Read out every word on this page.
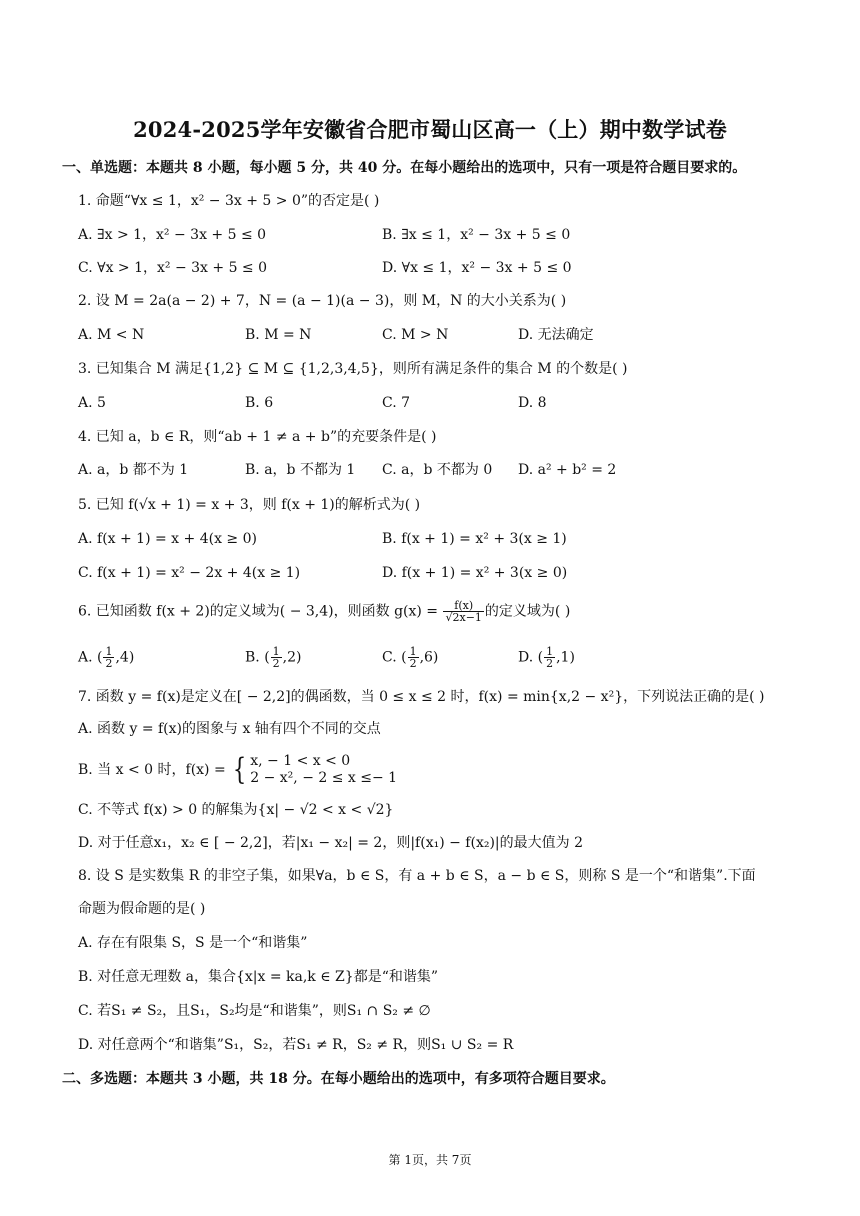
2024-2025学年安徽省合肥市蜀山区高一（上）期中数学试卷
一、单选题：本题共 8 小题，每小题 5 分，共 40 分。在每小题给出的选项中，只有一项是符合题目要求的。
1. 命题“∀x ≤ 1，x² − 3x + 5 > 0”的否定是( )
A. ∃x > 1，x² − 3x + 5 ≤ 0	B. ∃x ≤ 1，x² − 3x + 5 ≤ 0
C. ∀x > 1，x² − 3x + 5 ≤ 0	D. ∀x ≤ 1，x² − 3x + 5 ≤ 0
2. 设 M = 2a(a − 2) + 7，N = (a − 1)(a − 3)，则 M，N 的大小关系为( )
A. M < N	B. M = N	C. M > N	D. 无法确定
3. 已知集合 M 满足{1,2} ⊆ M ⊆ {1,2,3,4,5}，则所有满足条件的集合 M 的个数是( )
A. 5	B. 6	C. 7	D. 8
4. 已知 a，b ∈ R，则“ab + 1 ≠ a + b”的充要条件是( )
A. a，b 都不为 1	B. a，b 不都为 1 C. a，b 不都为 0 D. a² + b² = 2
5. 已知 f(√x + 1) = x + 3，则 f(x + 1)的解析式为( )
A. f(x + 1) = x + 4(x ≥ 0)	B. f(x + 1) = x² + 3(x ≥ 1)
C. f(x + 1) = x² − 2x + 4(x ≥ 1)	D. f(x + 1) = x² + 3(x ≥ 0)
6. 已知函数 f(x + 2)的定义域为( − 3,4)，则函数 $g(x) = \frac{f(x)}{√2x-1}$ 的定义域为( )
A. ( $\frac{1}{2} ,4$)	B. ( $\frac{1}{2} ,2$)	C. ( $\frac{1}{2} ,6$)	D. ( $\frac{1}{2} ,1$)
7. 函数 y = f(x)是定义在[ − 2,2]的偶函数，当 0 ≤ x ≤ 2 时，f(x) = min{x,2 − x²}，下列说法正确的是( )
A. 函数 y = f(x)的图象与 x 轴有四个不同的交点
B. 当 x < 0 时，f(x) = { x, − 1 < x < 0
2 − x², − 2 ≤ x ≤− 1
C. 不等式 f(x) > 0 的解集为{x| − √2 < x < √2}
D. 对于任意x₁，x₂ ∈ [ − 2,2]，若|x₁ − x₂| = 2，则|f(x₁) − f(x₂)|的最大值为 2
8. 设 S 是实数集 R 的非空子集，如果∀a，b ∈ S，有 a + b ∈ S，a − b ∈ S，则称 S 是一个“和谐集”.下面
命题为假命题的是( )
A. 存在有限集 S，S 是一个“和谐集”
B. 对任意无理数 a，集合{x|x = ka,k ∈ Z}都是“和谐集”
C. 若S₁ ≠ S₂，且S₁，S₂均是“和谐集”，则S₁ ∩ S₂ ≠ ∅
D. 对任意两个“和谐集”S₁，S₂，若S₁ ≠ R，S₂ ≠ R，则S₁ ∪ S₂ = R
二、多选题：本题共 3 小题，共 18 分。在每小题给出的选项中，有多项符合题目要求。
第 1页，共 7页
